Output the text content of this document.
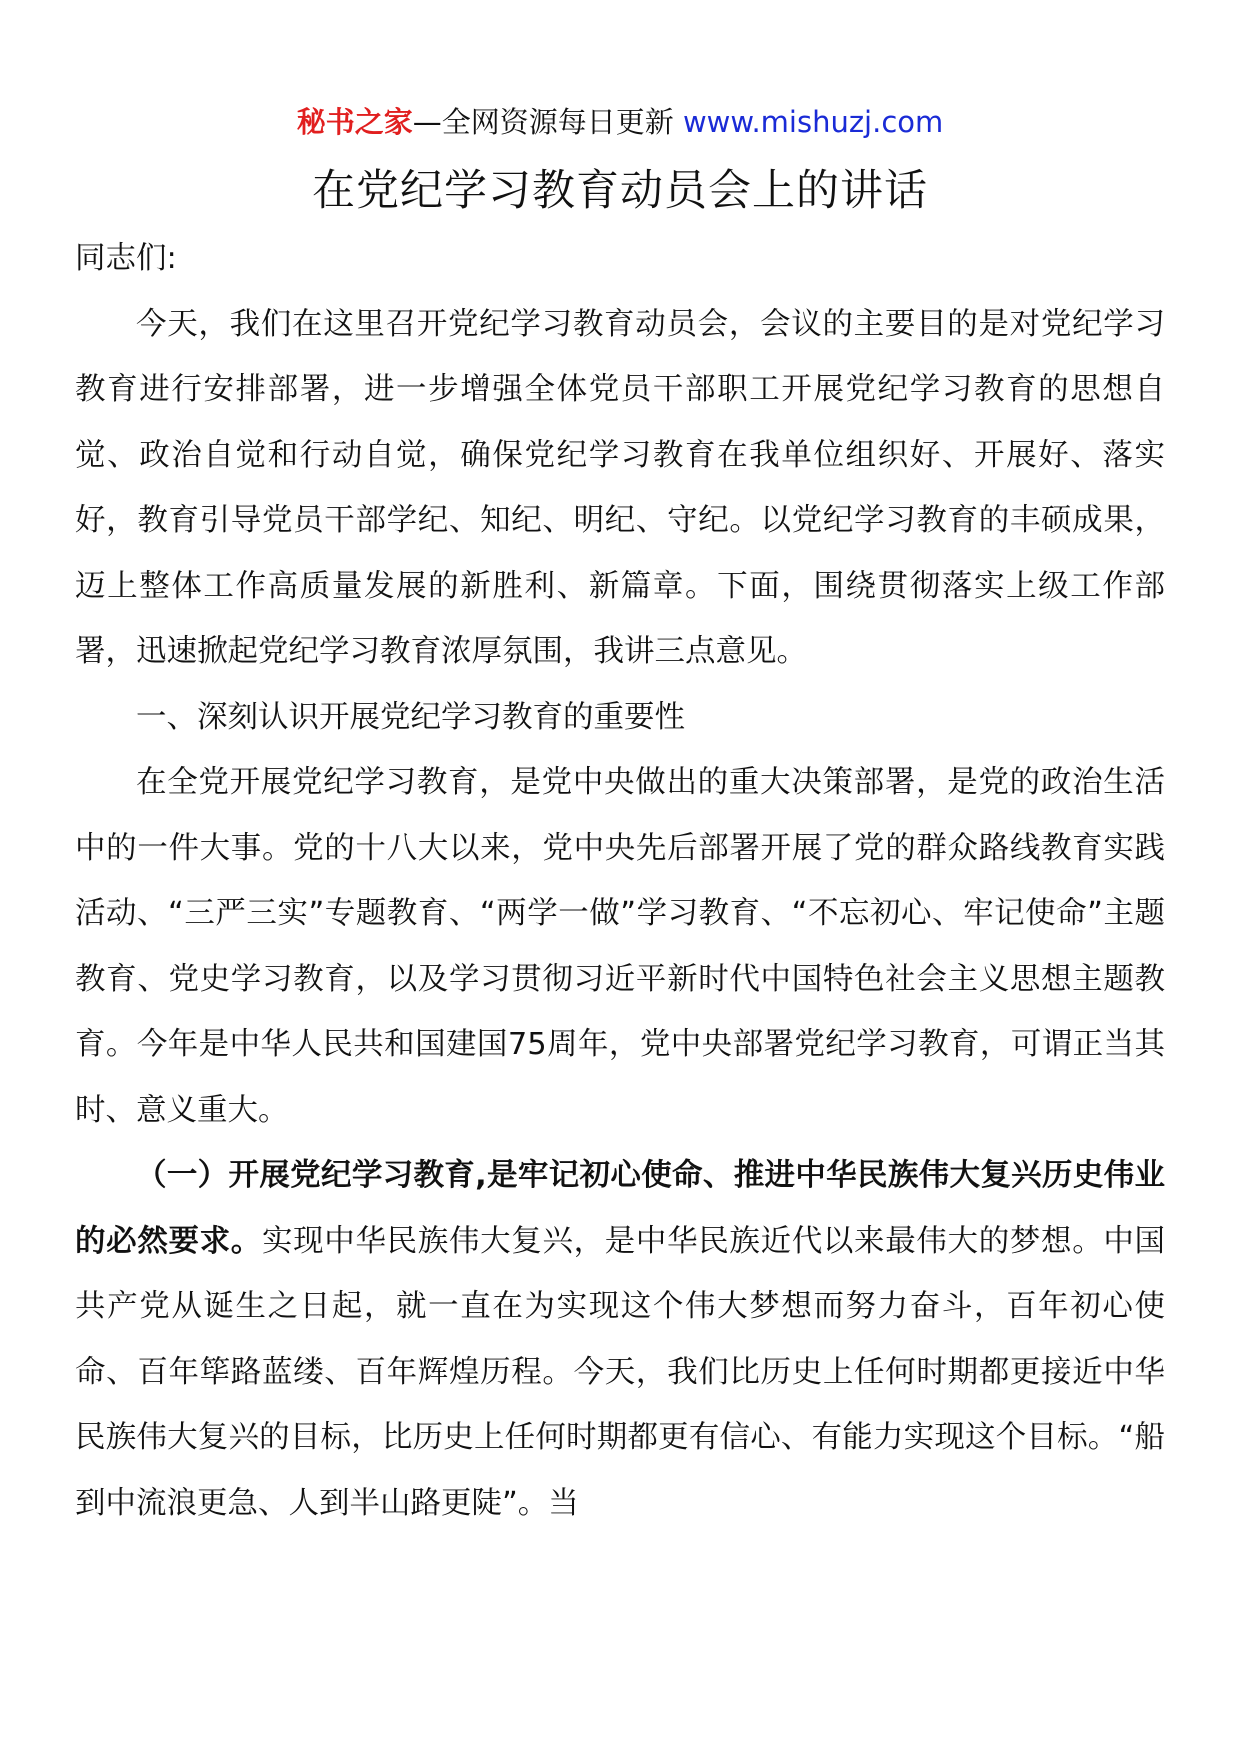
秘书之家—全网资源每日更新 www.mishuzj.com
在党纪学习教育动员会上的讲话

同志们:

今天，我们在这里召开党纪学习教育动员会，会议的主要目的是对党纪学习教育进行安排部署，进一步增强全体党员干部职工开展党纪学习教育的思想自觉、政治自觉和行动自觉，确保党纪学习教育在我单位组织好、开展好、落实好，教育引导党员干部学纪、知纪、明纪、守纪。以党纪学习教育的丰硕成果，迈上整体工作高质量发展的新胜利、新篇章。下面，围绕贯彻落实上级工作部署，迅速掀起党纪学习教育浓厚氛围，我讲三点意见。

一、深刻认识开展党纪学习教育的重要性

在全党开展党纪学习教育，是党中央做出的重大决策部署，是党的政治生活中的一件大事。党的十八大以来，党中央先后部署开展了党的群众路线教育实践活动、“三严三实”专题教育、“两学一做”学习教育、“不忘初心、牢记使命”主题教育、党史学习教育，以及学习贯彻习近平新时代中国特色社会主义思想主题教育。今年是中华人民共和国建国75周年，党中央部署党纪学习教育，可谓正当其时、意义重大。

（一）开展党纪学习教育,是牢记初心使命、推进中华民族伟大复兴历史伟业的必然要求。实现中华民族伟大复兴，是中华民族近代以来最伟大的梦想。中国共产党从诞生之日起，就一直在为实现这个伟大梦想而努力奋斗，百年初心使命、百年筚路蓝缕、百年辉煌历程。今天，我们比历史上任何时期都更接近中华民族伟大复兴的目标，比历史上任何时期都更有信心、有能力实现这个目标。“船到中流浪更急、人到半山路更陡”。当
